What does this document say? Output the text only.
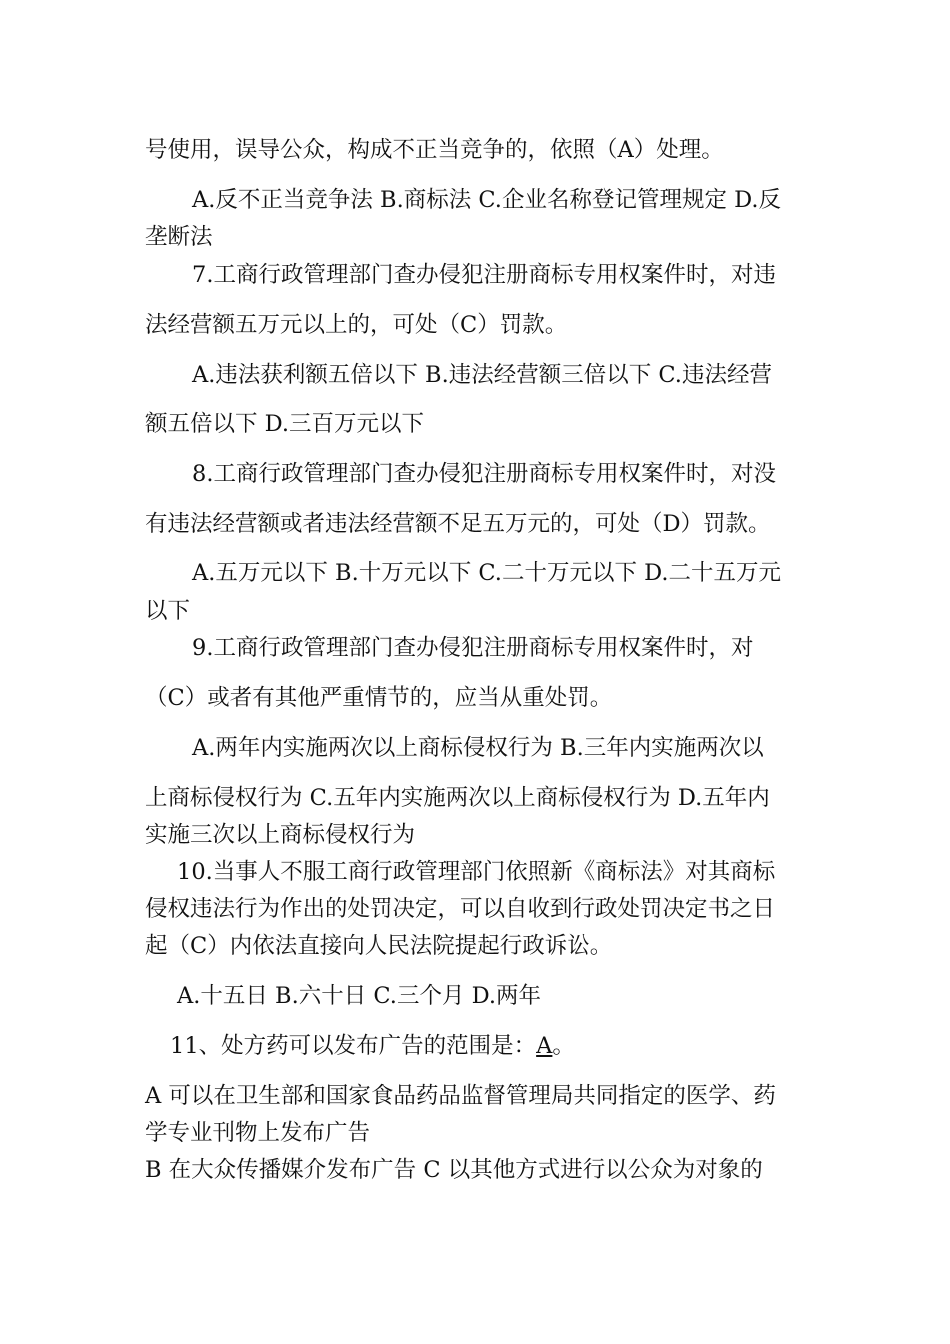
号使用，误导公众，构成不正当竞争的，依照（A）处理。
A.反不正当竞争法 B.商标法 C.企业名称登记管理规定 D.反
垄断法
7.工商行政管理部门查办侵犯注册商标专用权案件时，对违
法经营额五万元以上的，可处（C）罚款。
A.违法获利额五倍以下 B.违法经营额三倍以下 C.违法经营
额五倍以下 D.三百万元以下
8.工商行政管理部门查办侵犯注册商标专用权案件时，对没
有违法经营额或者违法经营额不足五万元的，可处（D）罚款。
A.五万元以下 B.十万元以下 C.二十万元以下 D.二十五万元
以下
9.工商行政管理部门查办侵犯注册商标专用权案件时，对
（C）或者有其他严重情节的，应当从重处罚。
A.两年内实施两次以上商标侵权行为 B.三年内实施两次以
上商标侵权行为 C.五年内实施两次以上商标侵权行为 D.五年内
实施三次以上商标侵权行为
10.当事人不服工商行政管理部门依照新《商标法》对其商标
侵权违法行为作出的处罚决定，可以自收到行政处罚决定书之日
起（C）内依法直接向人民法院提起行政诉讼。
A.十五日 B.六十日 C.三个月 D.两年
11、处方药可以发布广告的范围是：A。
A 可以在卫生部和国家食品药品监督管理局共同指定的医学、药
学专业刊物上发布广告
B 在大众传播媒介发布广告 C 以其他方式进行以公众为对象的
